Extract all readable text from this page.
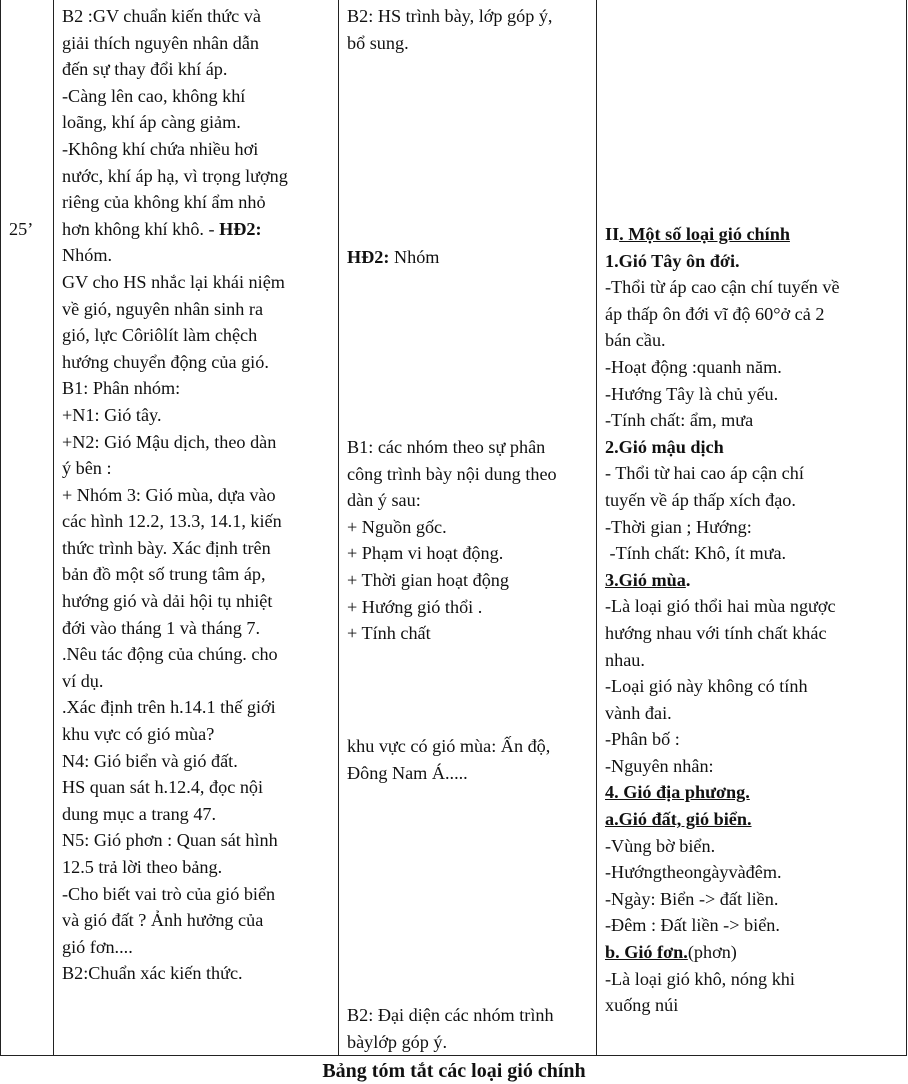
25’

B2 :GV chuẩn kiến thức và
giải thích nguyên nhân dẫn
đến sự thay đổi khí áp.
-Càng lên cao, không khí
loãng, khí áp càng giảm.
-Không khí chứa nhiều hơi
nước, khí áp hạ, vì trọng lượng
riêng của không khí ẩm nhỏ
hơn không khí khô. - HĐ2:
Nhóm.
GV cho HS nhắc lại khái niệm
về gió, nguyên nhân sinh ra
gió, lực Côriôlít làm chệch
hướng chuyển động của gió.
B1: Phân nhóm:
+N1: Gió tây.
+N2: Gió Mậu dịch, theo dàn
ý bên :
+ Nhóm 3: Gió mùa, dựa vào
các hình 12.2, 13.3, 14.1, kiến
thức trình bày. Xác định trên
bản đồ một số trung tâm áp,
hướng gió và dải hội tụ nhiệt
đới vào tháng 1 và tháng 7.
.Nêu tác động của chúng. cho
ví dụ.
.Xác định trên h.14.1 thế giới
khu vực có gió mùa?
N4: Gió biển và gió đất.
HS quan sát h.12.4, đọc nội
dung mục a trang 47.
N5: Gió phơn : Quan sát hình
12.5 trả lời theo bảng.
-Cho biết vai trò của gió biển
và gió đất ? Ảnh hưởng của
gió fơn....
B2:Chuẩn xác kiến thức.

B2: HS trình bày, lớp góp ý,
bổ sung.
HĐ2: Nhóm
B1: các nhóm theo sự phân
công trình bày nội dung theo
dàn ý sau:
+ Nguồn gốc.
+ Phạm vi hoạt động.
+ Thời gian hoạt động
+ Hướng gió thổi .
+ Tính chất
khu vực có gió mùa: Ấn độ,
Đông Nam Á.....
B2: Đại diện các nhóm trình
bàylớp góp ý.

II. Một số loại gió chính
1.Gió Tây ôn đới.
-Thổi từ áp cao cận chí tuyến về
áp thấp ôn đới vĩ độ 60°ở cả 2
bán cầu.
-Hoạt động :quanh năm.
-Hướng Tây là chủ yếu.
-Tính chất: ẩm, mưa
2.Gió mậu dịch
- Thổi từ hai cao áp cận chí
tuyến về áp thấp xích đạo.
-Thời gian ; Hướng:
-Tính chất: Khô, ít mưa.
3.Gió mùa.
-Là loại gió thổi hai mùa ngược
hướng nhau với tính chất khác
nhau.
-Loại gió này không có tính
vành đai.
-Phân bố :
-Nguyên nhân:
4. Gió địa phương.
a.Gió đất, gió biển.
-Vùng bờ biển.
-Hướngtheongàyvàđêm.
-Ngày: Biển -> đất liền.
-Đêm : Đất liền -> biển.
b. Gió fơn.(phơn)
-Là loại gió khô, nóng khi
xuống núi
Bảng tóm tắt các loại gió chính
